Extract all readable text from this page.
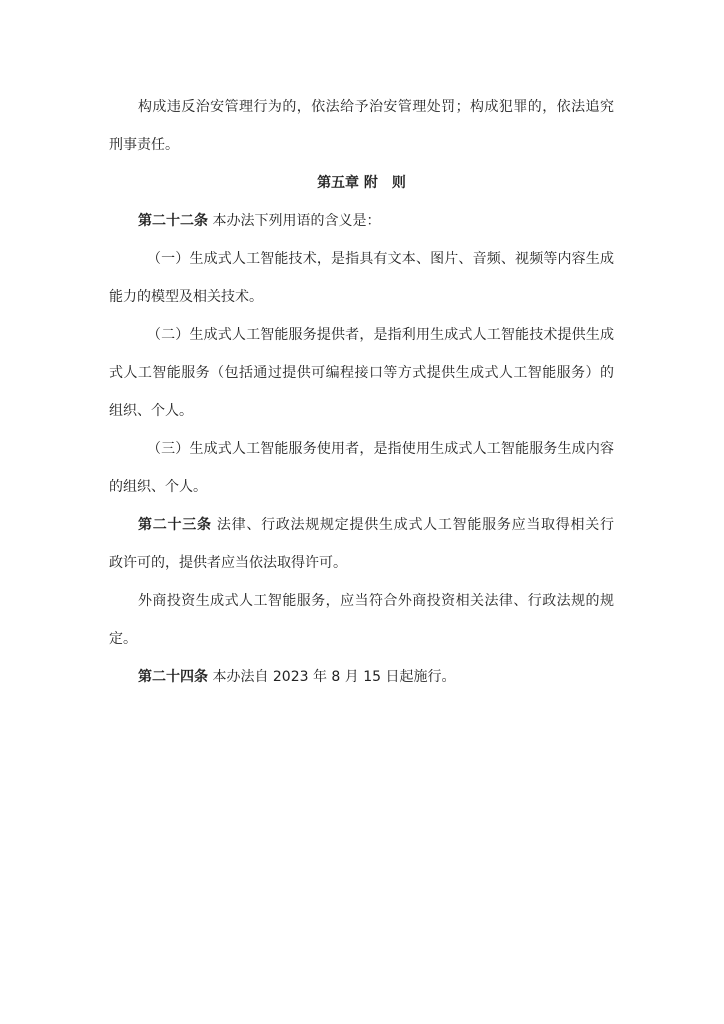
构成违反治安管理行为的，依法给予治安管理处罚；构成犯罪的，依法追究
刑事责任。
第五章 附　则
第二十二条 本办法下列用语的含义是：
（一）生成式人工智能技术，是指具有文本、图片、音频、视频等内容生成
能力的模型及相关技术。
（二）生成式人工智能服务提供者，是指利用生成式人工智能技术提供生成
式人工智能服务（包括通过提供可编程接口等方式提供生成式人工智能服务）的
组织、个人。
（三）生成式人工智能服务使用者，是指使用生成式人工智能服务生成内容
的组织、个人。
第二十三条 法律、行政法规规定提供生成式人工智能服务应当取得相关行
政许可的，提供者应当依法取得许可。
外商投资生成式人工智能服务，应当符合外商投资相关法律、行政法规的规
定。
第二十四条 本办法自 2023 年 8 月 15 日起施行。
